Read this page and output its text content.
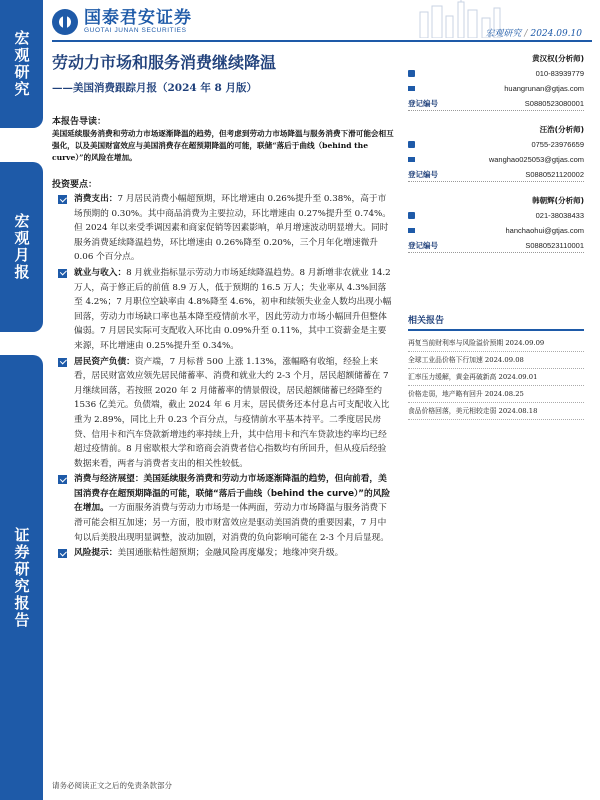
宏观研究
宏观月报
证券研究报告
国泰君安证券
GUOTAI JUNAN SECURITIES	宏观研究 / 2024.09.10
劳动力市场和服务消费继续降温
——美国消费跟踪月报（2024 年 8 月版）
本报告导读：
美国延续服务消费和劳动力市场逐渐降温的趋势，但考虑到劳动力市场降温与服务消费下滑可能会相互强化，以及美国财富效应与美国消费存在超预期降温的可能，联储“落后于曲线（behind the curve）”的风险在增加。
投资要点：
消费支出：7 月居民消费小幅超预期，环比增速由 0.26%提升至 0.38%，高于市场预期的 0.30%。其中商品消费为主要拉动，环比增速由 0.27%提升至 0.74%。但 2024 年以来受季调因素和商家促销等因素影响，单月增速波动明显增大。同时服务消费延续降温趋势，环比增速由 0.26%降至 0.20%，三个月年化增速微升 0.06 个百分点。
就业与收入：8 月就业指标显示劳动力市场延续降温趋势。8 月新增非农就业 14.2 万人，高于修正后的前值 8.9 万人，低于预期的 16.5 万人；失业率从 4.3%回落至 4.2%；7 月职位空缺率由 4.8%降至 4.6%，初申和续领失业金人数均出现小幅回落，劳动力市场缺口率也基本降至疫情前水平，因此劳动力市场小幅回升但整体偏弱。7 月居民实际可支配收入环比由 0.09%升至 0.11%，其中工资薪金是主要来源，环比增速由 0.25%提升至 0.34%。
居民资产负债：资产端，7 月标普 500 上涨 1.13%，涨幅略有收缩，经验上来看，居民财富效应领先居民储蓄率、消费和就业大约 2-3 个月，居民超额储蓄在 7 月继续回落，若按照 2020 年 2 月储蓄率的情景假设，居民超额储蓄已经降至约 1536 亿美元。负债端，截止 2024 年 6 月末，居民债务还本付息占可支配收入比重为 2.89%，同比上升 0.23 个百分点，与疫情前水平基本持平。二季度居民房贷、信用卡和汽车贷款新增违约率持续上升，其中信用卡和汽车贷款违约率均已经超过疫情前。8 月密歇根大学和谘商会消费者信心指数均有所回升，但从疫后经验数据来看，两者与消费者支出的相关性较低。
消费与经济展望：美国延续服务消费和劳动力市场逐渐降温的趋势，但向前看，美国消费存在超预期降温的可能，联储“落后于曲线（behind the curve）”的风险在增加。一方面服务消费与劳动力市场是一体两面，劳动力市场降温与服务消费下滑可能会相互加速；另一方面，股市财富效应是驱动美国消费的重要因素，7 月中旬以后美股出现明显调整，波动加剧，对消费的负向影响可能在 2-3 个月后显现。
风险提示：美国通胀粘性超预期；金融风险再度爆发；地缘冲突升级。
黄汉权(分析师)
010-83939779
huangrunan@gtjas.com
登记编号	S0880523080001
汪浩(分析师)
0755-23976659
wanghao025053@gtjas.com
登记编号	S0880521120002
韩朝辉(分析师)
021-38038433
hanchaohui@gtjas.com
登记编号	S0880523110001
相关报告
再复当前财利率与风险溢价预期 2024.09.09
全球工业品价格下行加速 2024.09.08
汇率压力缓解，黄金再破新高 2024.09.01
价格走弱，地产略有回升 2024.08.25
食品价格回落，美元相较走弱 2024.08.18
请务必阅读正文之后的免责条款部分
